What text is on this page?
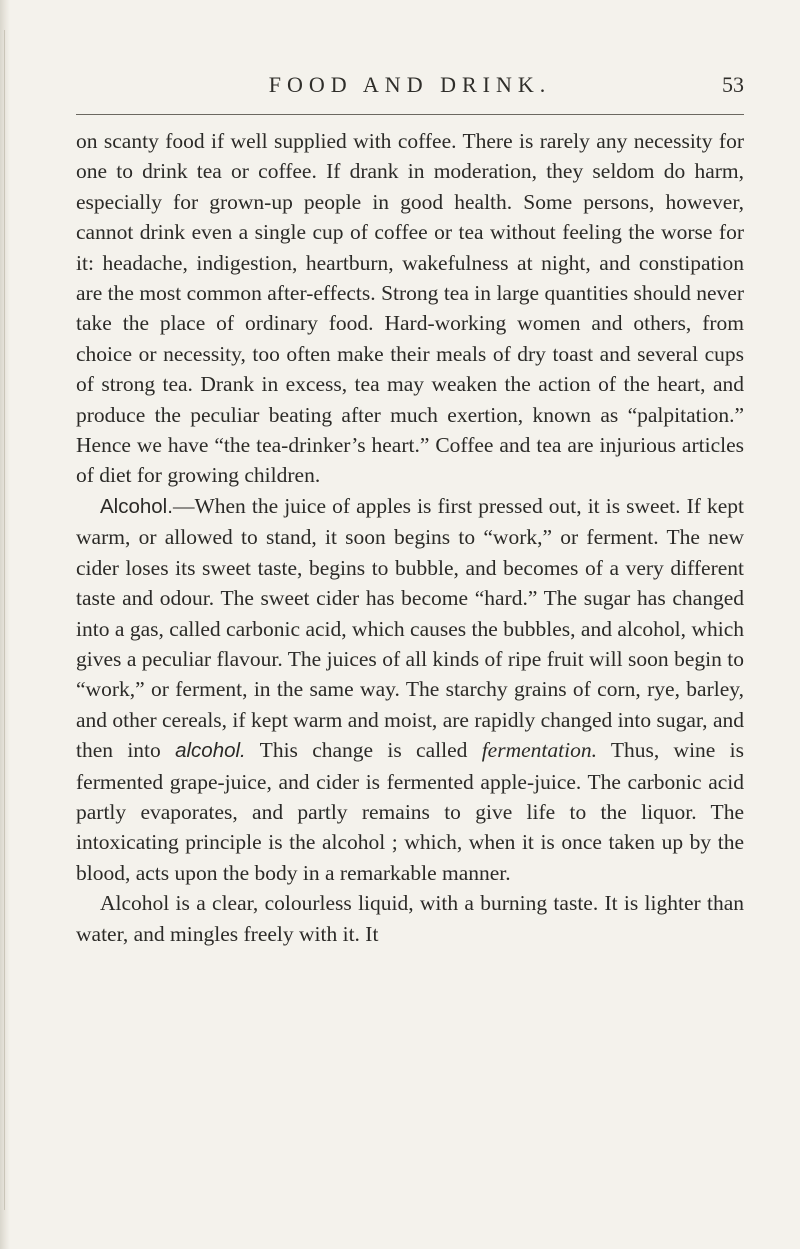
FOOD AND DRINK.	53

on scanty food if well supplied with coffee. There is rarely any necessity for one to drink tea or coffee. If drank in moderation, they seldom do harm, especially for grown-up people in good health. Some persons, however, cannot drink even a single cup of coffee or tea without feeling the worse for it: headache, indigestion, heartburn, wakefulness at night, and constipation are the most common after-effects. Strong tea in large quantities should never take the place of ordinary food. Hard-working women and others, from choice or necessity, too often make their meals of dry toast and several cups of strong tea. Drank in excess, tea may weaken the action of the heart, and produce the peculiar beating after much exertion, known as “palpitation.” Hence we have “the tea-drinker’s heart.” Coffee and tea are injurious articles of diet for growing children.

Alcohol.—When the juice of apples is first pressed out, it is sweet. If kept warm, or allowed to stand, it soon begins to “work,” or ferment. The new cider loses its sweet taste, begins to bubble, and becomes of a very different taste and odour. The sweet cider has become “hard.” The sugar has changed into a gas, called carbonic acid, which causes the bubbles, and alcohol, which gives a peculiar flavour. The juices of all kinds of ripe fruit will soon begin to “work,” or ferment, in the same way. The starchy grains of corn, rye, barley, and other cereals, if kept warm and moist, are rapidly changed into sugar, and then into alcohol. This change is called fermentation. Thus, wine is fermented grape-juice, and cider is fermented apple-juice. The carbonic acid partly evaporates, and partly remains to give life to the liquor. The intoxicating principle is the alcohol ; which, when it is once taken up by the blood, acts upon the body in a remarkable manner.

Alcohol is a clear, colourless liquid, with a burning taste. It is lighter than water, and mingles freely with it. It
